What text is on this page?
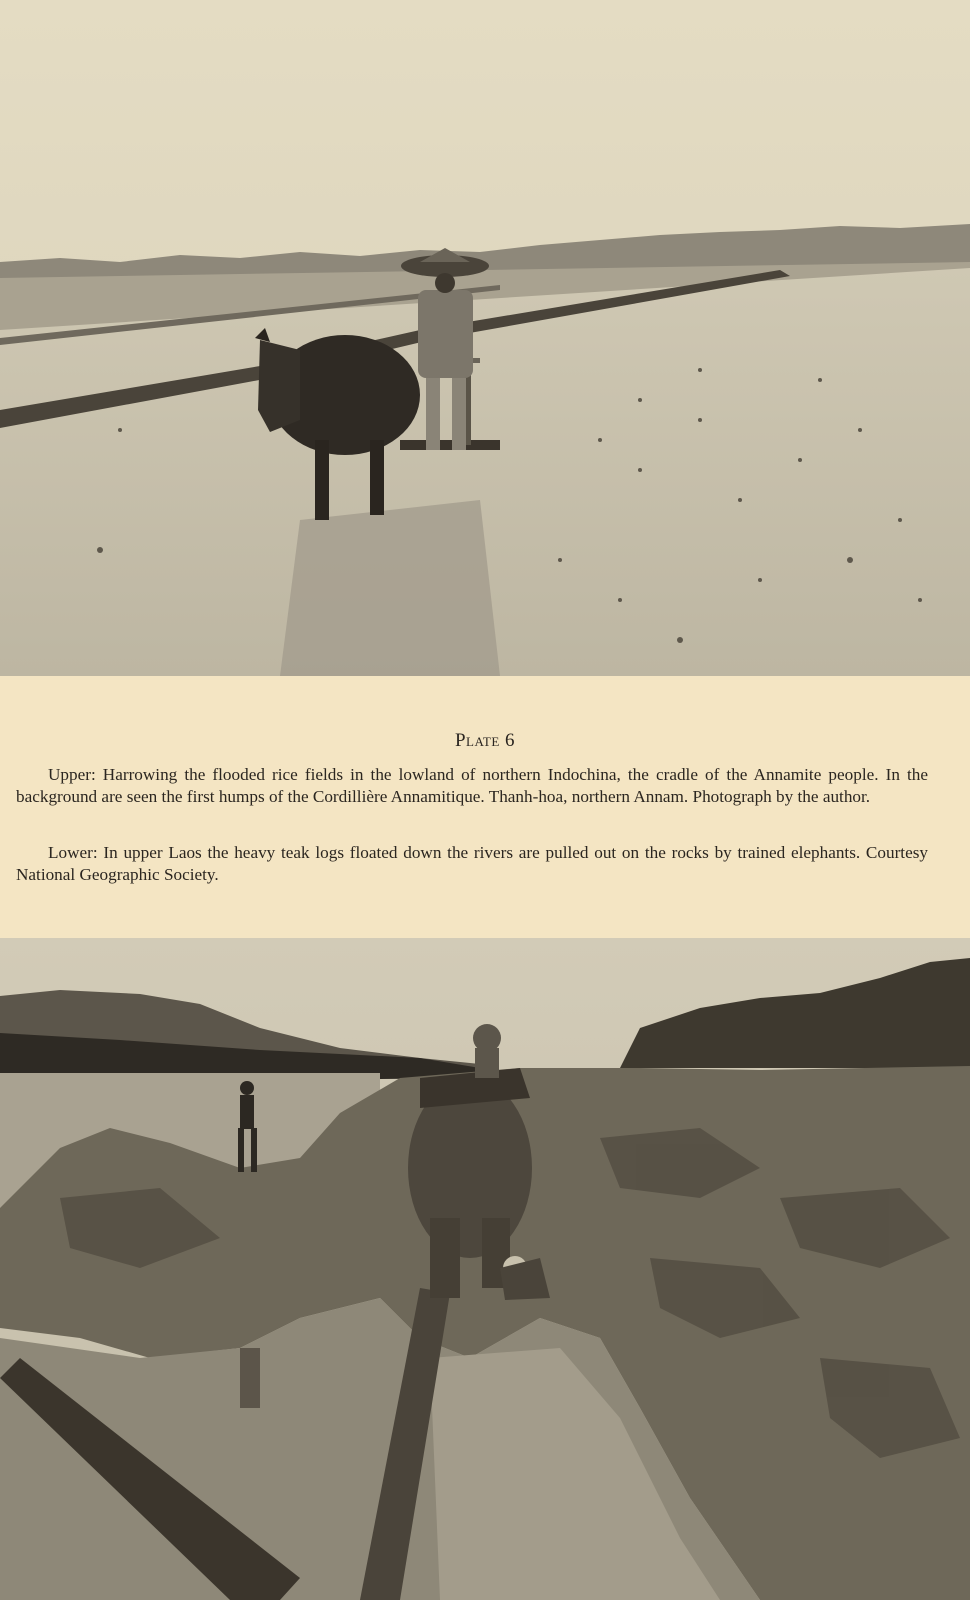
Plate 6

Upper: Harrowing the flooded rice fields in the lowland of northern Indochina, the cradle of the Annamite people. In the background are seen the first humps of the Cordillière Annamitique. Thanh-hoa, northern Annam. Photograph by the author.

Lower: In upper Laos the heavy teak logs floated down the rivers are pulled out on the rocks by trained elephants. Courtesy National Geographic Society.
